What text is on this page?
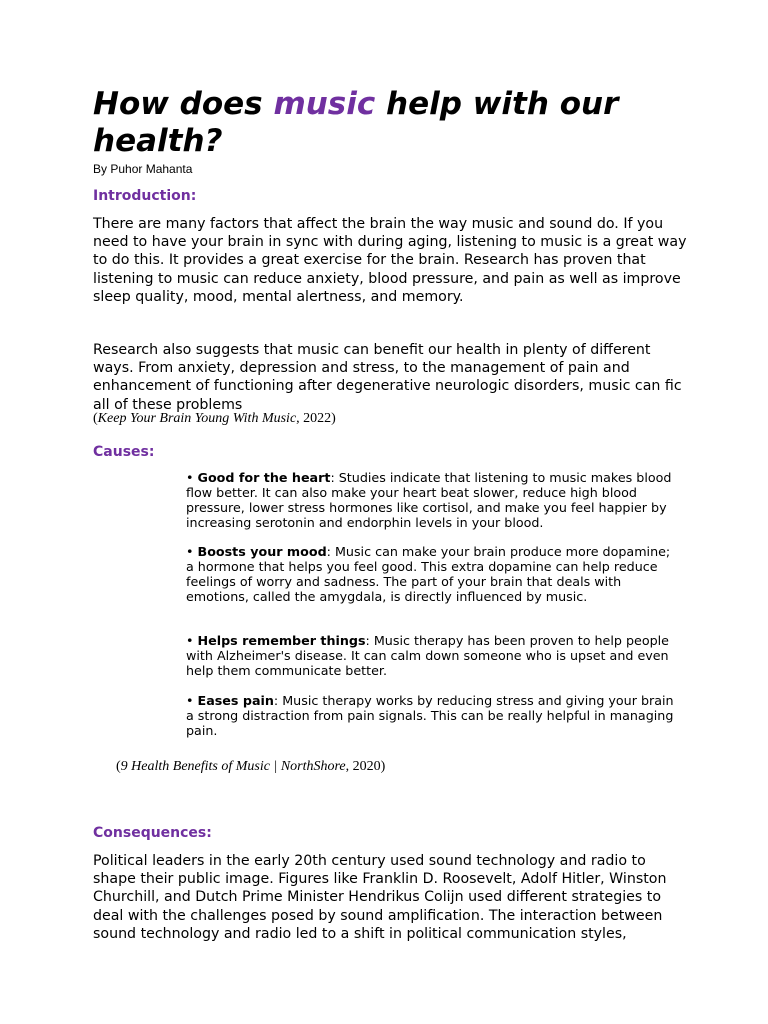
How does music help with our health?
By Puhor Mahanta
Introduction:

There are many factors that affect the brain the way music and sound do. If you need to have your brain in sync with during aging, listening to music is a great way to do this. It provides a great exercise for the brain. Research has proven that listening to music can reduce anxiety, blood pressure, and pain as well as improve sleep quality, mood, mental alertness, and memory.

Research also suggests that music can benefit our health in plenty of different ways. From anxiety, depression and stress, to the management of pain and enhancement of functioning after degenerative neurologic disorders, music can fic all of these problems

(Keep Your Brain Young With Music, 2022)
Causes:

• Good for the heart: Studies indicate that listening to music makes blood flow better. It can also make your heart beat slower, reduce high blood pressure, lower stress hormones like cortisol, and make you feel happier by increasing serotonin and endorphin levels in your blood.

• Boosts your mood: Music can make your brain produce more dopamine; a hormone that helps you feel good. This extra dopamine can help reduce feelings of worry and sadness. The part of your brain that deals with emotions, called the amygdala, is directly influenced by music.

• Helps remember things: Music therapy has been proven to help people with Alzheimer's disease. It can calm down someone who is upset and even help them communicate better.

• Eases pain: Music therapy works by reducing stress and giving your brain a strong distraction from pain signals. This can be really helpful in managing pain.

(9 Health Benefits of Music | NorthShore, 2020)
Consequences:

Political leaders in the early 20th century used sound technology and radio to shape their public image. Figures like Franklin D. Roosevelt, Adolf Hitler, Winston Churchill, and Dutch Prime Minister Hendrikus Colijn used different strategies to deal with the challenges posed by sound amplification. The interaction between sound technology and radio led to a shift in political communication styles,
